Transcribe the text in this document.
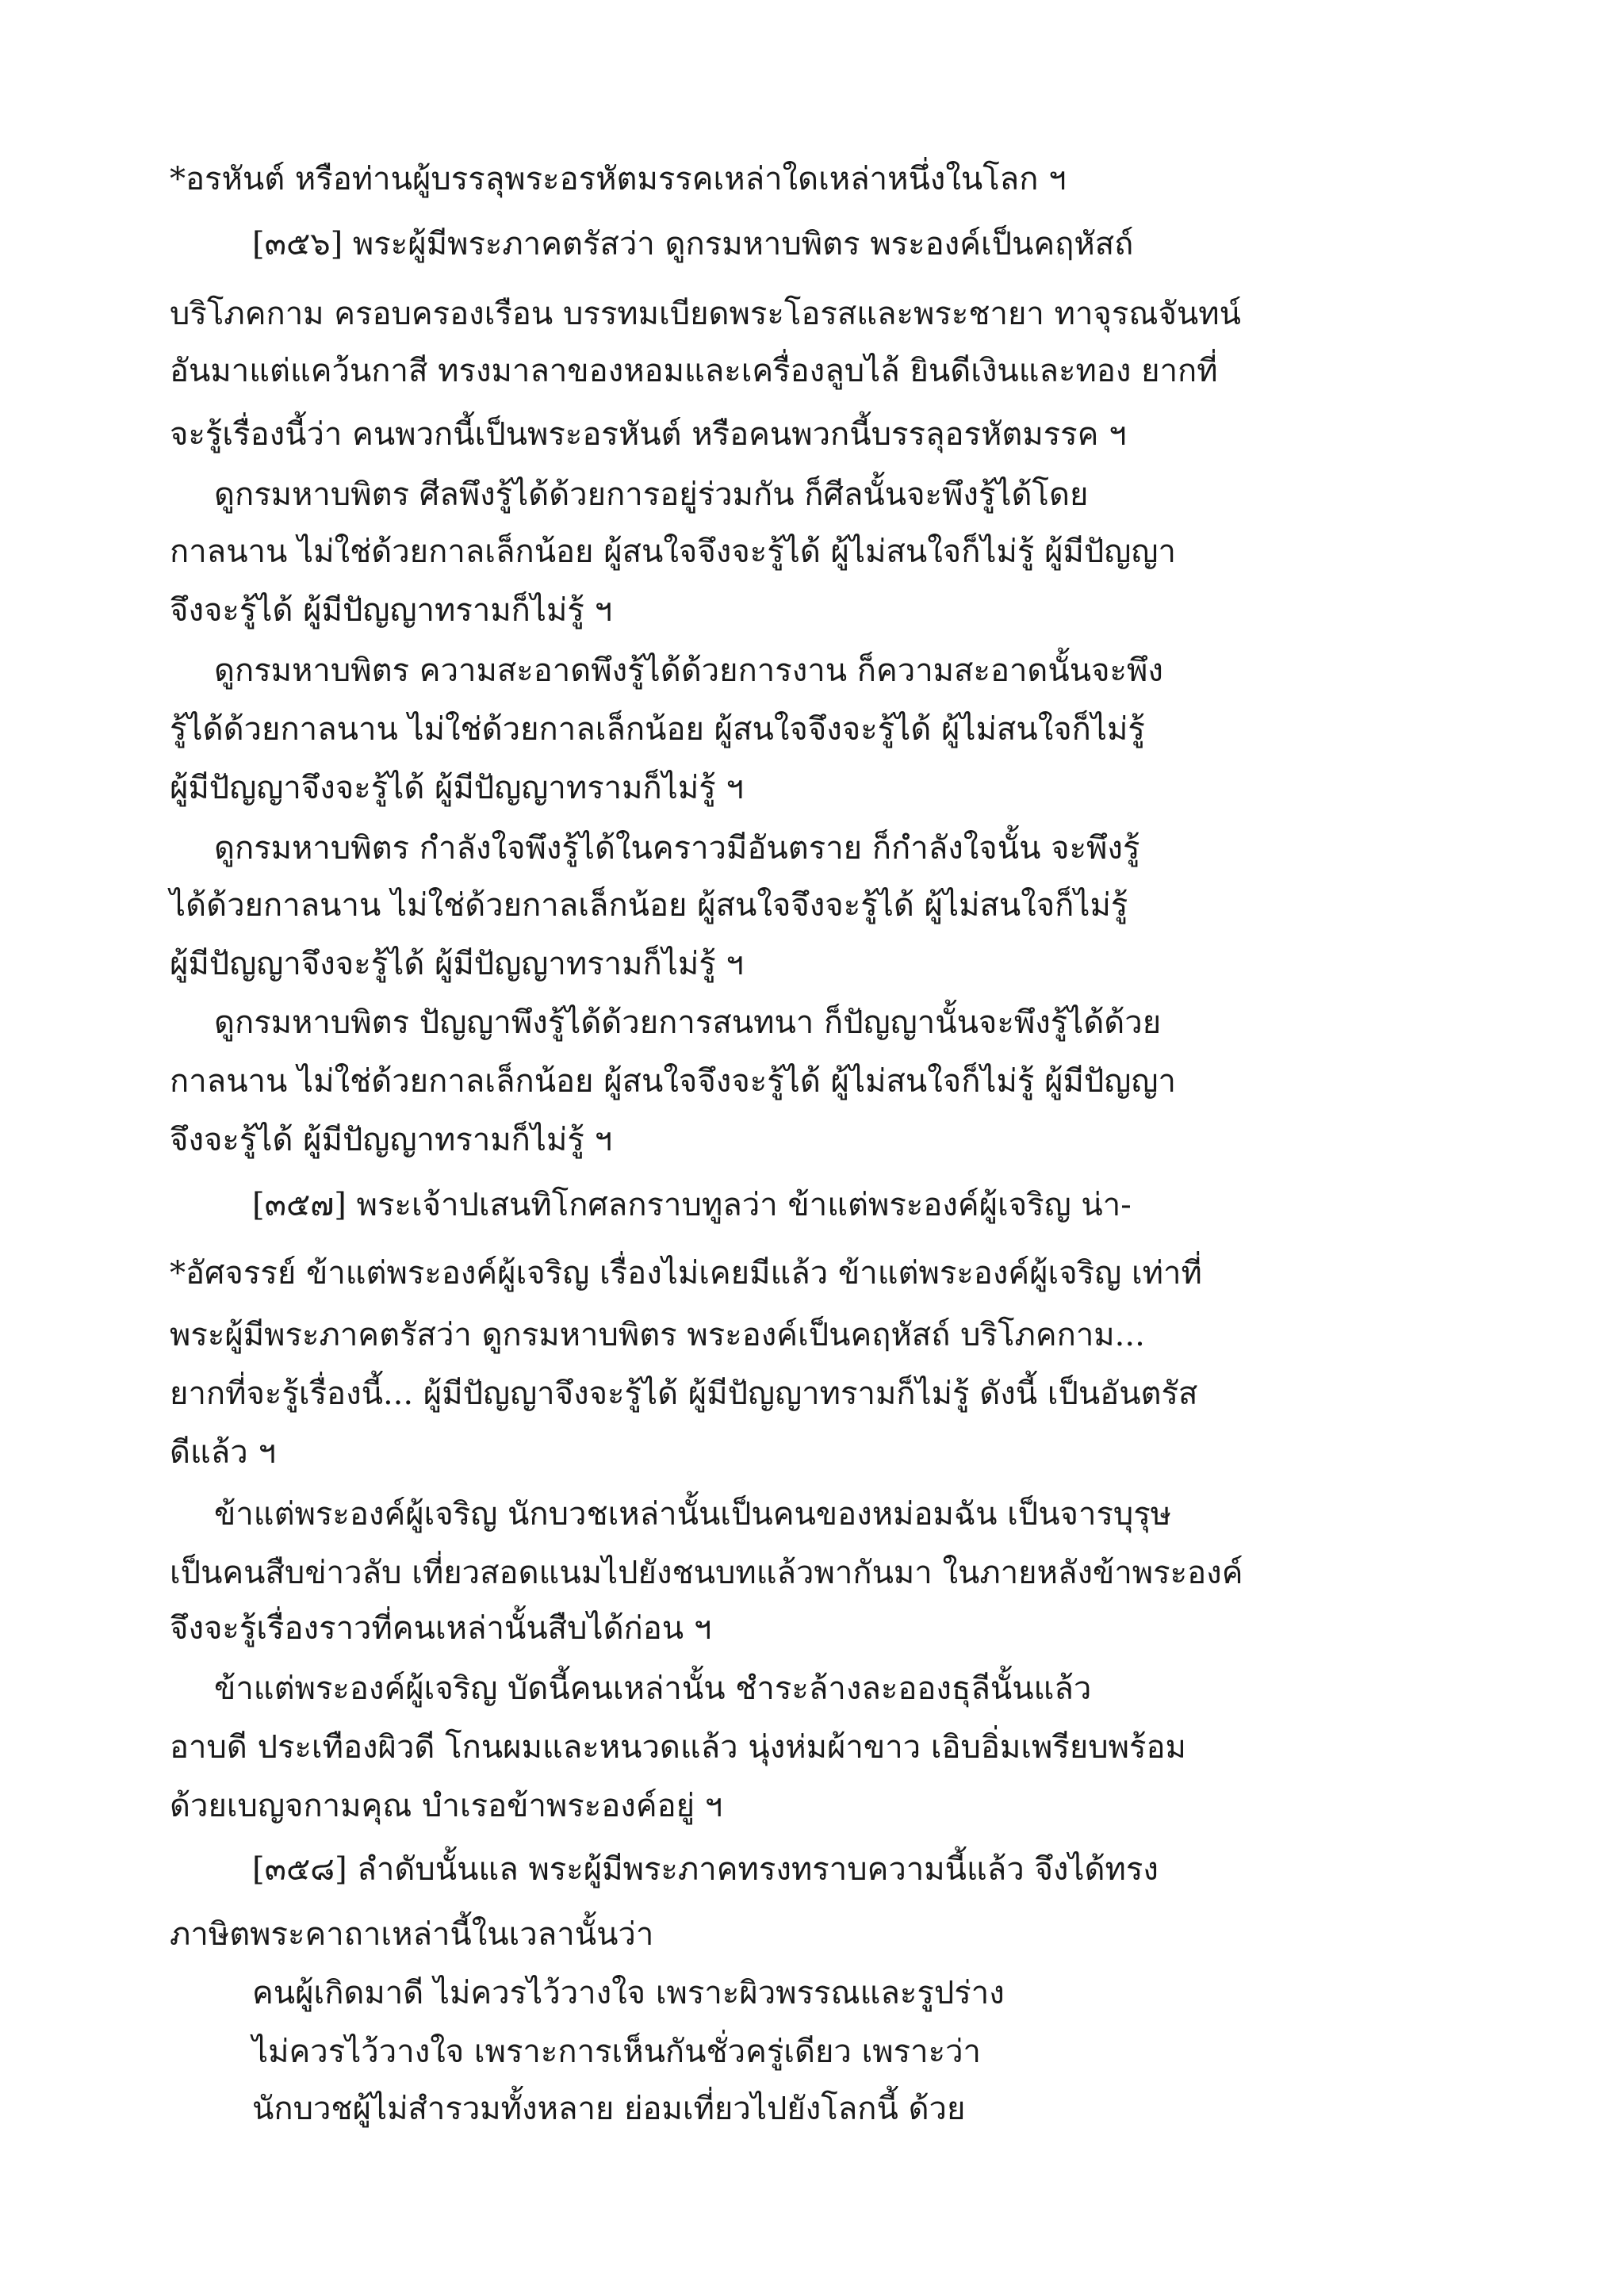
*อรหันต์ หรือท่านผู้บรรลุพระอรหัตมรรคเหล่าใดเหล่าหนึ่งในโลก ฯ
[๓๕๖] พระผู้มีพระภาคตรัสว่า ดูกรมหาบพิตร พระองค์เป็นคฤหัสถ์
บริโภคกาม ครอบครองเรือน บรรทมเบียดพระโอรสและพระชายา ทาจุรณจันทน์
อันมาแต่แคว้นกาสี ทรงมาลาของหอมและเครื่องลูบไล้ ยินดีเงินและทอง ยากที่
จะรู้เรื่องนี้ว่า คนพวกนี้เป็นพระอรหันต์ หรือคนพวกนี้บรรลุอรหัตมรรค ฯ
ดูกรมหาบพิตร ศีลพึงรู้ได้ด้วยการอยู่ร่วมกัน ก็ศีลนั้นจะพึงรู้ได้โดย
กาลนาน ไม่ใช่ด้วยกาลเล็กน้อย ผู้สนใจจึงจะรู้ได้ ผู้ไม่สนใจก็ไม่รู้ ผู้มีปัญญา
จึงจะรู้ได้ ผู้มีปัญญาทรามก็ไม่รู้ ฯ
ดูกรมหาบพิตร ความสะอาดพึงรู้ได้ด้วยการงาน ก็ความสะอาดนั้นจะพึง
รู้ได้ด้วยกาลนาน ไม่ใช่ด้วยกาลเล็กน้อย ผู้สนใจจึงจะรู้ได้ ผู้ไม่สนใจก็ไม่รู้
ผู้มีปัญญาจึงจะรู้ได้ ผู้มีปัญญาทรามก็ไม่รู้ ฯ
ดูกรมหาบพิตร กำลังใจพึงรู้ได้ในคราวมีอันตราย ก็กำลังใจนั้น จะพึงรู้
ได้ด้วยกาลนาน ไม่ใช่ด้วยกาลเล็กน้อย ผู้สนใจจึงจะรู้ได้ ผู้ไม่สนใจก็ไม่รู้
ผู้มีปัญญาจึงจะรู้ได้ ผู้มีปัญญาทรามก็ไม่รู้ ฯ
ดูกรมหาบพิตร ปัญญาพึงรู้ได้ด้วยการสนทนา ก็ปัญญานั้นจะพึงรู้ได้ด้วย
กาลนาน ไม่ใช่ด้วยกาลเล็กน้อย ผู้สนใจจึงจะรู้ได้ ผู้ไม่สนใจก็ไม่รู้ ผู้มีปัญญา
จึงจะรู้ได้ ผู้มีปัญญาทรามก็ไม่รู้ ฯ
[๓๕๗] พระเจ้าปเสนทิโกศลกราบทูลว่า ข้าแต่พระองค์ผู้เจริญ น่า-
*อัศจรรย์ ข้าแต่พระองค์ผู้เจริญ เรื่องไม่เคยมีแล้ว ข้าแต่พระองค์ผู้เจริญ เท่าที่
พระผู้มีพระภาคตรัสว่า ดูกรมหาบพิตร พระองค์เป็นคฤหัสถ์ บริโภคกาม...
ยากที่จะรู้เรื่องนี้... ผู้มีปัญญาจึงจะรู้ได้ ผู้มีปัญญาทรามก็ไม่รู้ ดังนี้ เป็นอันตรัส
ดีแล้ว ฯ
ข้าแต่พระองค์ผู้เจริญ นักบวชเหล่านั้นเป็นคนของหม่อมฉัน เป็นจารบุรุษ
เป็นคนสืบข่าวลับ เที่ยวสอดแนมไปยังชนบทแล้วพากันมา ในภายหลังข้าพระองค์
จึงจะรู้เรื่องราวที่คนเหล่านั้นสืบได้ก่อน ฯ
ข้าแต่พระองค์ผู้เจริญ บัดนี้คนเหล่านั้น ชำระล้างละอองธุลีนั้นแล้ว
อาบดี ประเทืองผิวดี โกนผมและหนวดแล้ว นุ่งห่มผ้าขาว เอิบอิ่มเพรียบพร้อม
ด้วยเบญจกามคุณ บำเรอข้าพระองค์อยู่ ฯ
[๓๕๘] ลำดับนั้นแล พระผู้มีพระภาคทรงทราบความนี้แล้ว จึงได้ทรง
ภาษิตพระคาถาเหล่านี้ในเวลานั้นว่า
คนผู้เกิดมาดี ไม่ควรไว้วางใจ เพราะผิวพรรณและรูปร่าง
ไม่ควรไว้วางใจ เพราะการเห็นกันชั่วครู่เดียว เพราะว่า
นักบวชผู้ไม่สำรวมทั้งหลาย ย่อมเที่ยวไปยังโลกนี้ ด้วย
